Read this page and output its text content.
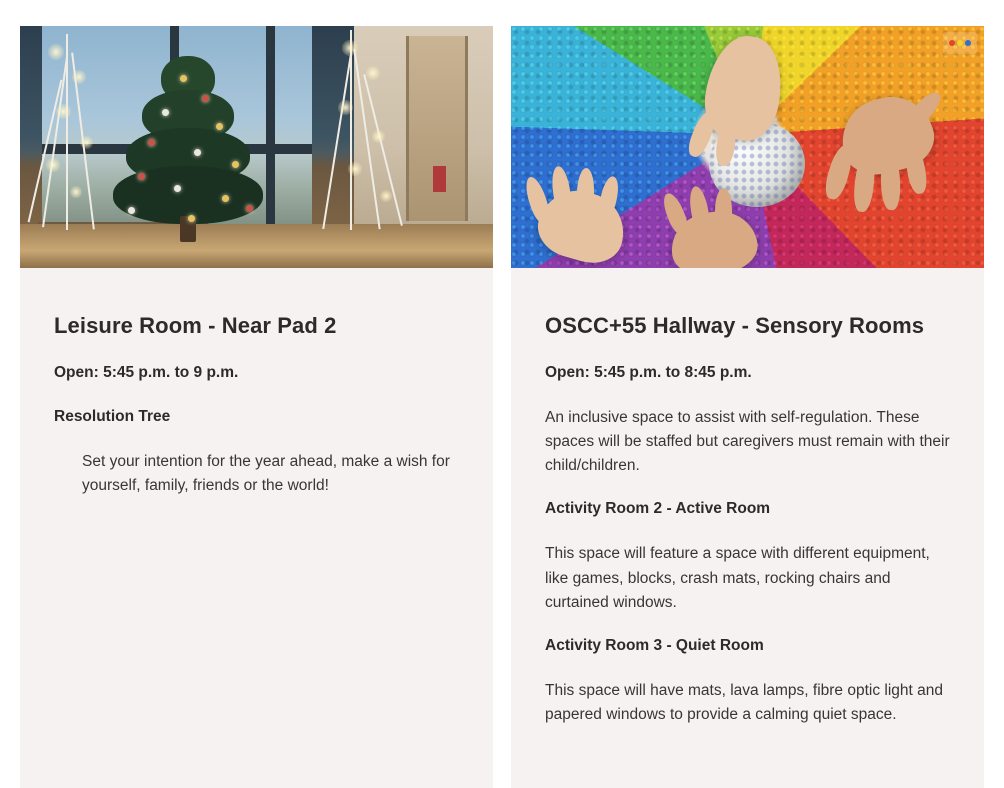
Leisure Room - Near Pad 2

Open: 5:45 p.m. to 9 p.m.

Resolution Tree

Set your intention for the year ahead, make a wish for yourself, family, friends or the world!

OSCC+55 Hallway - Sensory Rooms

Open: 5:45 p.m. to 8:45 p.m.

An inclusive space to assist with self-regulation. These spaces will be staffed but caregivers must remain with their child/children.

Activity Room 2 - Active Room

This space will feature a space with different equipment, like games, blocks, crash mats, rocking chairs and curtained windows.

Activity Room 3 - Quiet Room

This space will have mats, lava lamps, fibre optic light and papered windows to provide a calming quiet space.
